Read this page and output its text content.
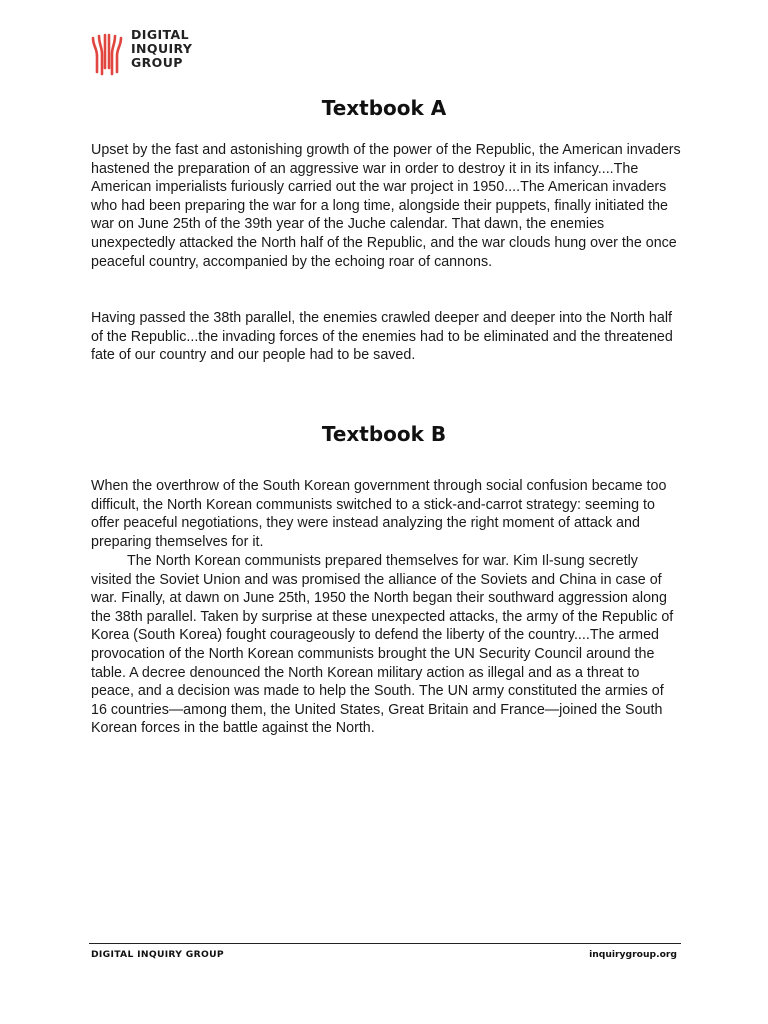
DIGITAL
INQUIRY
GROUP
Textbook A

Upset by the fast and astonishing growth of the power of the Republic, the American invaders hastened the preparation of an aggressive war in order to destroy it in its infancy....The American imperialists furiously carried out the war project in 1950....The American invaders who had been preparing the war for a long time, alongside their puppets, finally initiated the war on June 25th of the 39th year of the Juche calendar. That dawn, the enemies unexpectedly attacked the North half of the Republic, and the war clouds hung over the once peaceful country, accompanied by the echoing roar of cannons.

Having passed the 38th parallel, the enemies crawled deeper and deeper into the North half of the Republic...the invading forces of the enemies had to be eliminated and the threatened fate of our country and our people had to be saved.

Textbook B

When the overthrow of the South Korean government through social confusion became too difficult, the North Korean communists switched to a stick-and-carrot strategy: seeming to offer peaceful negotiations, they were instead analyzing the right moment of attack and preparing themselves for it.

The North Korean communists prepared themselves for war. Kim Il-sung secretly visited the Soviet Union and was promised the alliance of the Soviets and China in case of war. Finally, at dawn on June 25th, 1950 the North began their southward aggression along the 38th parallel. Taken by surprise at these unexpected attacks, the army of the Republic of Korea (South Korea) fought courageously to defend the liberty of the country....The armed provocation of the North Korean communists brought the UN Security Council around the table. A decree denounced the North Korean military action as illegal and as a threat to peace, and a decision was made to help the South. The UN army constituted the armies of 16 countries—among them, the United States, Great Britain and France—joined the South Korean forces in the battle against the North.

DIGITAL INQUIRY GROUP	inquirygroup.org
